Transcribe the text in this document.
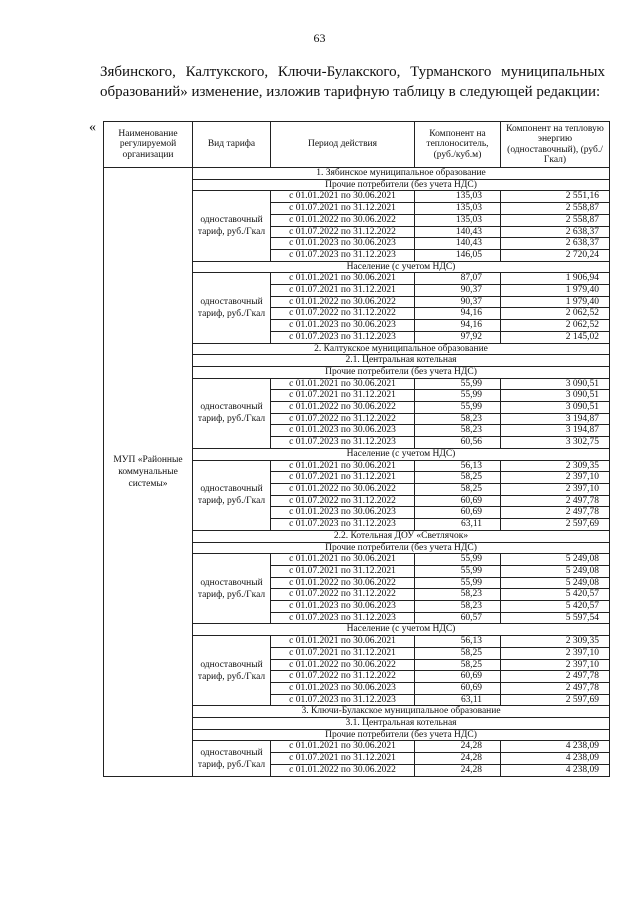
63
Зябинского, Калтукского, Ключи-Булакского, Турманского муниципальных
образований» изменение, изложив тарифную таблицу в следующей редакции:
« Наименование регулируемой организации	Вид тарифа	Период действия	Компонент на теплоноситель, (руб./куб.м)	Компонент на тепловую энергию (одноставочный), (руб./Гкал)
МУП «Районные коммунальные системы»	1. Зябинское муниципальное образование			
	Прочие потребители (без учета НДС)			
	одноставочный тариф, руб./Гкал	с 01.01.2021 по 30.06.2021	135,03	2 551,16
		с 01.07.2021 по 31.12.2021	135,03	2 558,87
		с 01.01.2022 по 30.06.2022	135,03	2 558,87
		с 01.07.2022 по 31.12.2022	140,43	2 638,37
		с 01.01.2023 по 30.06.2023	140,43	2 638,37
		с 01.07.2023 по 31.12.2023	146,05	2 720,24
	Население (с учетом НДС)			
	одноставочный тариф, руб./Гкал	с 01.01.2021 по 30.06.2021	87,07	1 906,94
		с 01.07.2021 по 31.12.2021	90,37	1 979,40
		с 01.01.2022 по 30.06.2022	90,37	1 979,40
		с 01.07.2022 по 31.12.2022	94,16	2 062,52
		с 01.01.2023 по 30.06.2023	94,16	2 062,52
		с 01.07.2023 по 31.12.2023	97,92	2 145,02
	2. Калтукское муниципальное образование			
	2.1. Центральная котельная			
	Прочие потребители (без учета НДС)			
	одноставочный тариф, руб./Гкал	с 01.01.2021 по 30.06.2021	55,99	3 090,51
		с 01.07.2021 по 31.12.2021	55,99	3 090,51
		с 01.01.2022 по 30.06.2022	55,99	3 090,51
		с 01.07.2022 по 31.12.2022	58,23	3 194,87
		с 01.01.2023 по 30.06.2023	58,23	3 194,87
		с 01.07.2023 по 31.12.2023	60,56	3 302,75
	Население (с учетом НДС)			
	одноставочный тариф, руб./Гкал	с 01.01.2021 по 30.06.2021	56,13	2 309,35
		с 01.07.2021 по 31.12.2021	58,25	2 397,10
		с 01.01.2022 по 30.06.2022	58,25	2 397,10
		с 01.07.2022 по 31.12.2022	60,69	2 497,78
		с 01.01.2023 по 30.06.2023	60,69	2 497,78
		с 01.07.2023 по 31.12.2023	63,11	2 597,69
	2.2. Котельная ДОУ «Светлячок»			
	Прочие потребители (без учета НДС)			
	одноставочный тариф, руб./Гкал	с 01.01.2021 по 30.06.2021	55,99	5 249,08
		с 01.07.2021 по 31.12.2021	55,99	5 249,08
		с 01.01.2022 по 30.06.2022	55,99	5 249,08
		с 01.07.2022 по 31.12.2022	58,23	5 420,57
		с 01.01.2023 по 30.06.2023	58,23	5 420,57
		с 01.07.2023 по 31.12.2023	60,57	5 597,54
	Население (с учетом НДС)			
	одноставочный тариф, руб./Гкал	с 01.01.2021 по 30.06.2021	56,13	2 309,35
		с 01.07.2021 по 31.12.2021	58,25	2 397,10
		с 01.01.2022 по 30.06.2022	58,25	2 397,10
		с 01.07.2022 по 31.12.2022	60,69	2 497,78
		с 01.01.2023 по 30.06.2023	60,69	2 497,78
		с 01.07.2023 по 31.12.2023	63,11	2 597,69
	3. Ключи-Булакское муниципальное образование			
	3.1. Центральная котельная			
	Прочие потребители (без учета НДС)			
	одноставочный тариф, руб./Гкал	с 01.01.2021 по 30.06.2021	24,28	4 238,09
		с 01.07.2021 по 31.12.2021	24,28	4 238,09
		с 01.01.2022 по 30.06.2022	24,28	4 238,09
